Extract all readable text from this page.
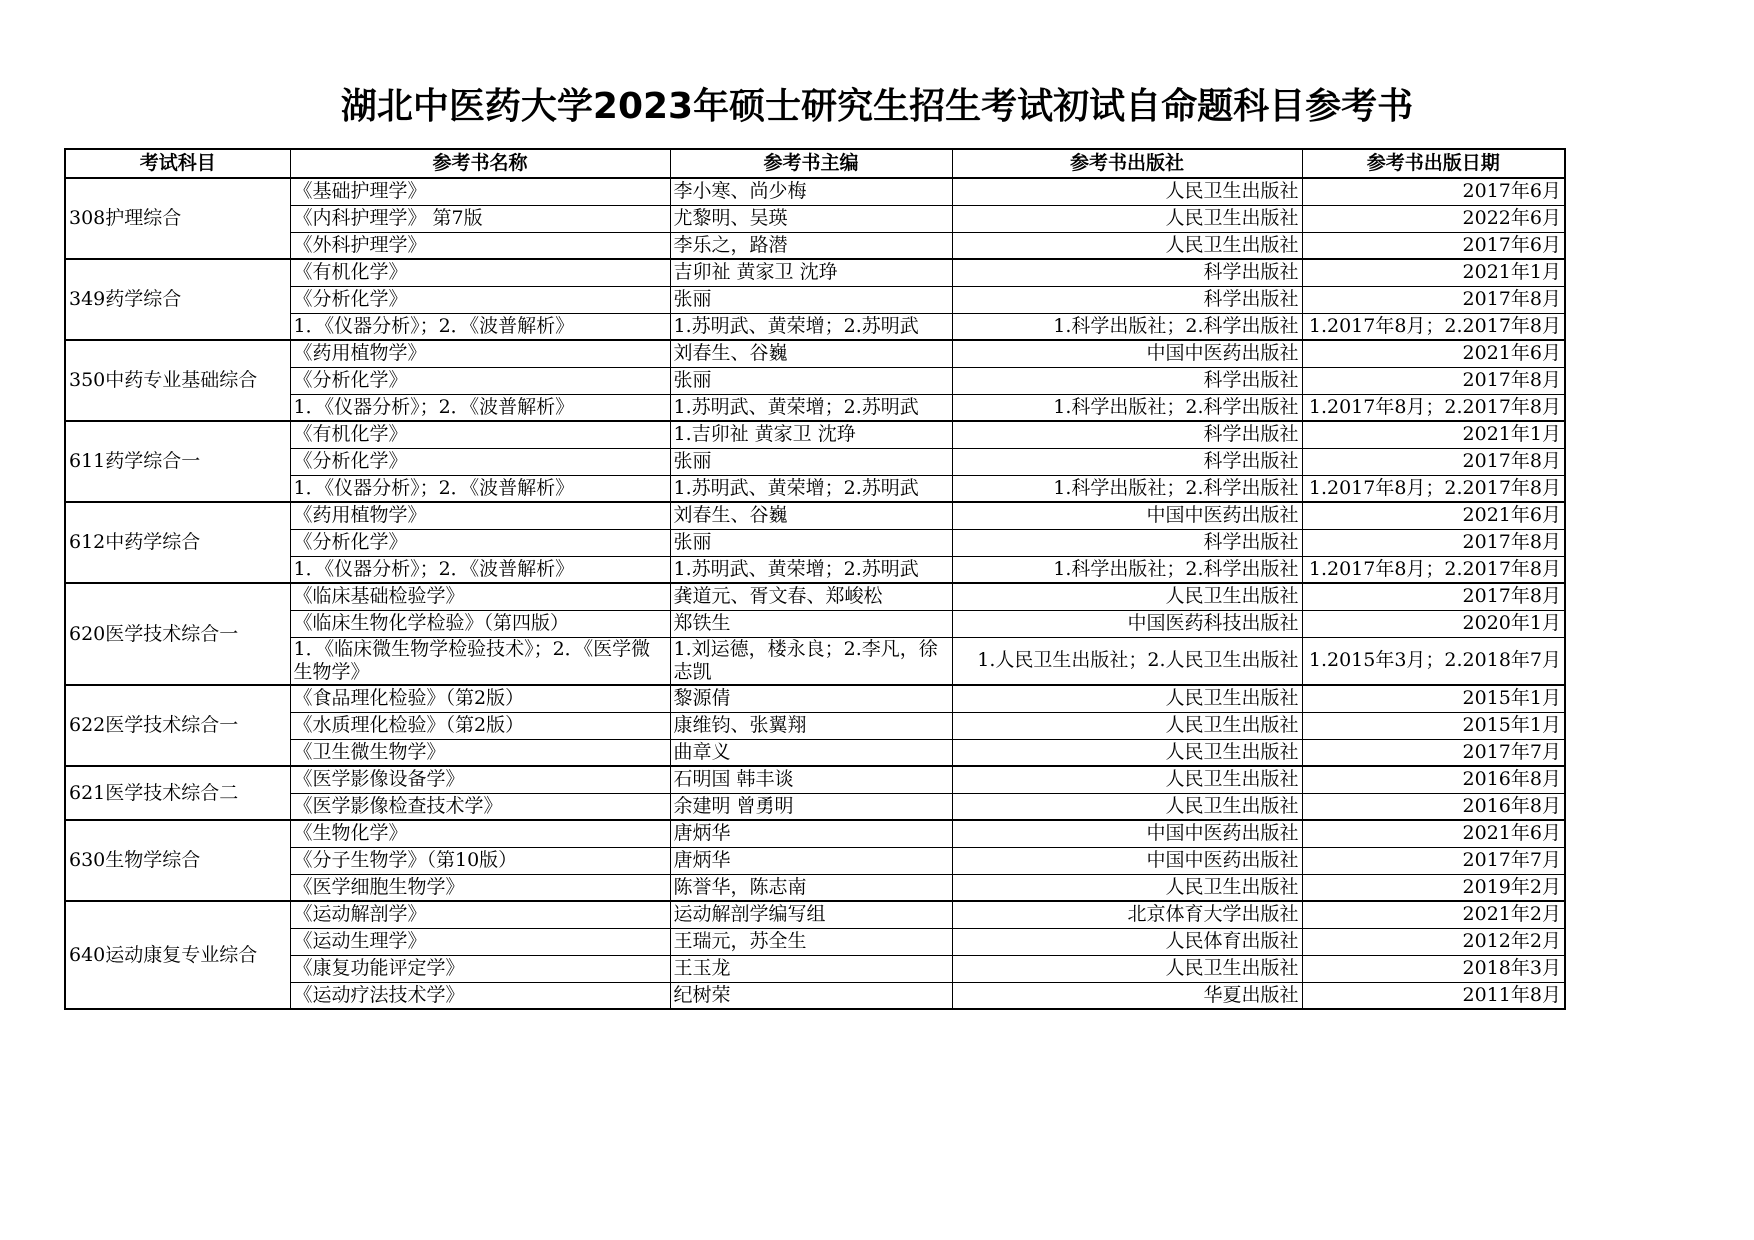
湖北中医药大学2023年硕士研究生招生考试初试自命题科目参考书
考试科目	参考书名称	参考书主编	参考书出版社	参考书出版日期
308护理综合	《基础护理学》	李小寒、尚少梅	人民卫生出版社	2017年6月
	《内科护理学》 第7版	尤黎明、吴瑛	人民卫生出版社	2022年6月
	《外科护理学》	李乐之，路潜	人民卫生出版社	2017年6月
349药学综合	《有机化学》	吉卯祉 黄家卫 沈琤	科学出版社	2021年1月
	《分析化学》	张丽	科学出版社	2017年8月
	1．《仪器分析》；2．《波普解析》	1.苏明武、黄荣增；2.苏明武	1.科学出版社；2.科学出版社	1.2017年8月；2.2017年8月
350中药专业基础综合	《药用植物学》	刘春生、谷巍	中国中医药出版社	2021年6月
	《分析化学》	张丽	科学出版社	2017年8月
	1．《仪器分析》；2．《波普解析》	1.苏明武、黄荣增；2.苏明武	1.科学出版社；2.科学出版社	1.2017年8月；2.2017年8月
611药学综合一	《有机化学》	1.吉卯祉 黄家卫 沈琤	科学出版社	2021年1月
	《分析化学》	张丽	科学出版社	2017年8月
	1．《仪器分析》；2．《波普解析》	1.苏明武、黄荣增；2.苏明武	1.科学出版社；2.科学出版社	1.2017年8月；2.2017年8月
612中药学综合	《药用植物学》	刘春生、谷巍	中国中医药出版社	2021年6月
	《分析化学》	张丽	科学出版社	2017年8月
	1．《仪器分析》；2．《波普解析》	1.苏明武、黄荣增；2.苏明武	1.科学出版社；2.科学出版社	1.2017年8月；2.2017年8月
620医学技术综合一	《临床基础检验学》	龚道元、胥文春、郑峻松	人民卫生出版社	2017年8月
	《临床生物化学检验》（第四版）	郑铁生	中国医药科技出版社	2020年1月
	1．《临床微生物学检验技术》；2．《医学微生物学》	1.刘运德，楼永良；2.李凡，徐志凯	1.人民卫生出版社；2.人民卫生出版社	1.2015年3月；2.2018年7月
622医学技术综合一	《食品理化检验》（第2版）	黎源倩	人民卫生出版社	2015年1月
	《水质理化检验》（第2版）	康维钧、张翼翔	人民卫生出版社	2015年1月
	《卫生微生物学》	曲章义	人民卫生出版社	2017年7月
621医学技术综合二	《医学影像设备学》	石明国 韩丰谈	人民卫生出版社	2016年8月
	《医学影像检查技术学》	余建明 曾勇明	人民卫生出版社	2016年8月
630生物学综合	《生物化学》	唐炳华	中国中医药出版社	2021年6月
	《分子生物学》（第10版）	唐炳华	中国中医药出版社	2017年7月
	《医学细胞生物学》	陈誉华，陈志南	人民卫生出版社	2019年2月
640运动康复专业综合	《运动解剖学》	运动解剖学编写组	北京体育大学出版社	2021年2月
	《运动生理学》	王瑞元，苏全生	人民体育出版社	2012年2月
	《康复功能评定学》	王玉龙	人民卫生出版社	2018年3月
	《运动疗法技术学》	纪树荣	华夏出版社	2011年8月
